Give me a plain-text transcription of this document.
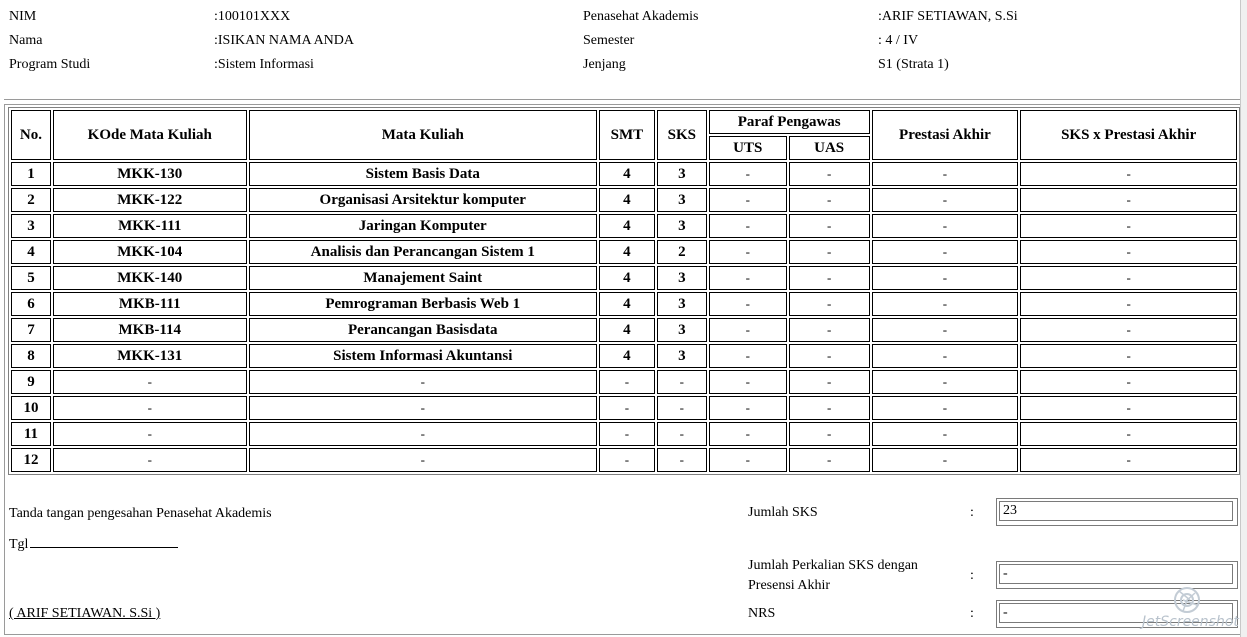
NIM	:100101XXX
Nama	:ISIKAN NAMA ANDA
Program Studi	:Sistem Informasi
Penasehat Akademis	:ARIF SETIAWAN, S.Si
Semester	: 4 / IV
Jenjang	S1 (Strata 1)
No.	KOde Mata Kuliah	Mata Kuliah	SMT	SKS	Paraf Pengawas		Prestasi Akhir	SKS x Prestasi Akhir
					UTS	UAS		
1	MKK-130	Sistem Basis Data	4	3	-	-	-	-
2	MKK-122	Organisasi Arsitektur komputer	4	3	-	-	-	-
3	MKK-111	Jaringan Komputer	4	3	-	-	-	-
4	MKK-104	Analisis dan Perancangan Sistem 1	4	2	-	-	-	-
5	MKK-140	Manajement Saint	4	3	-	-	-	-
6	MKB-111	Pemrograman Berbasis Web 1	4	3	-	-	-	-
7	MKB-114	Perancangan Basisdata	4	3	-	-	-	-
8	MKK-131	Sistem Informasi Akuntansi	4	3	-	-	-	-
9	-	-	-	-	-	-	-	-
10	-	-	-	-	-	-	-	-
11	-	-	-	-	-	-	-	-
12	-	-	-	-	-	-	-	-
Tanda tangan pengesahan Penasehat Akademis
Tgl
( ARIF SETIAWAN. S.Si )
Jumlah SKS	:
23
Jumlah Perkalian SKS dengan
Presensi Akhir
:
-
NRS	:
-
JetScreenshot
